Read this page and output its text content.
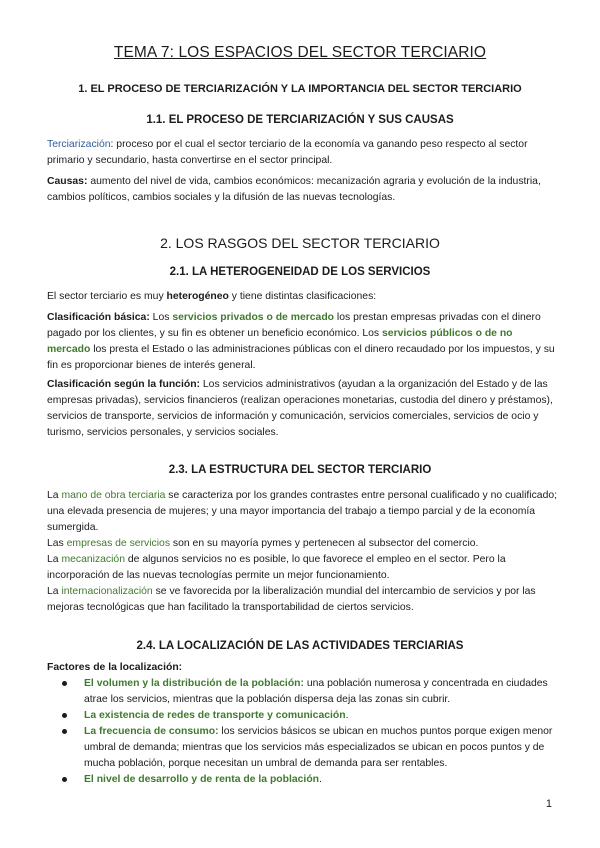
TEMA 7: LOS ESPACIOS DEL SECTOR TERCIARIO
1. EL PROCESO DE TERCIARIZACIÓN Y LA IMPORTANCIA DEL SECTOR TERCIARIO
1.1. EL PROCESO DE TERCIARIZACIÓN Y SUS CAUSAS
Terciarización: proceso por el cual el sector terciario de la economía va ganando peso respecto al sector primario y secundario, hasta convertirse en el sector principal.
Causas: aumento del nivel de vida, cambios económicos: mecanización agraria y evolución de la industria, cambios políticos, cambios sociales y la difusión de las nuevas tecnologías.
2. LOS RASGOS DEL SECTOR TERCIARIO
2.1. LA HETEROGENEIDAD DE LOS SERVICIOS
El sector terciario es muy heterogéneo y tiene distintas clasificaciones:
Clasificación básica: Los servicios privados o de mercado los prestan empresas privadas con el dinero pagado por los clientes, y su fin es obtener un beneficio económico. Los servicios públicos o de no mercado los presta el Estado o las administraciones públicas con el dinero recaudado por los impuestos, y su fin es proporcionar bienes de interés general.
Clasificación según la función: Los servicios administrativos (ayudan a la organización del Estado y de las empresas privadas), servicios financieros (realizan operaciones monetarias, custodia del dinero y préstamos), servicios de transporte, servicios de información y comunicación, servicios comerciales, servicios de ocio y turismo, servicios personales, y servicios sociales.
2.3. LA ESTRUCTURA DEL SECTOR TERCIARIO
La mano de obra terciaria se caracteriza por los grandes contrastes entre personal cualificado y no cualificado; una elevada presencia de mujeres; y una mayor importancia del trabajo a tiempo parcial y de la economía sumergida.
Las empresas de servicios son en su mayoría pymes y pertenecen al subsector del comercio.
La mecanización de algunos servicios no es posible, lo que favorece el empleo en el sector. Pero la incorporación de las nuevas tecnologías permite un mejor funcionamiento.
La internacionalización se ve favorecida por la liberalización mundial del intercambio de servicios y por las mejoras tecnológicas que han facilitado la transportabilidad de ciertos servicios.
2.4. LA LOCALIZACIÓN DE LAS ACTIVIDADES TERCIARIAS
Factores de la localización:
El volumen y la distribución de la población: una población numerosa y concentrada en ciudades atrae los servicios, mientras que la población dispersa deja las zonas sin cubrir.
La existencia de redes de transporte y comunicación.
La frecuencia de consumo: los servicios básicos se ubican en muchos puntos porque exigen menor umbral de demanda; mientras que los servicios más especializados se ubican en pocos puntos y de mucha población, porque necesitan un umbral de demanda para ser rentables.
El nivel de desarrollo y de renta de la población.
1
